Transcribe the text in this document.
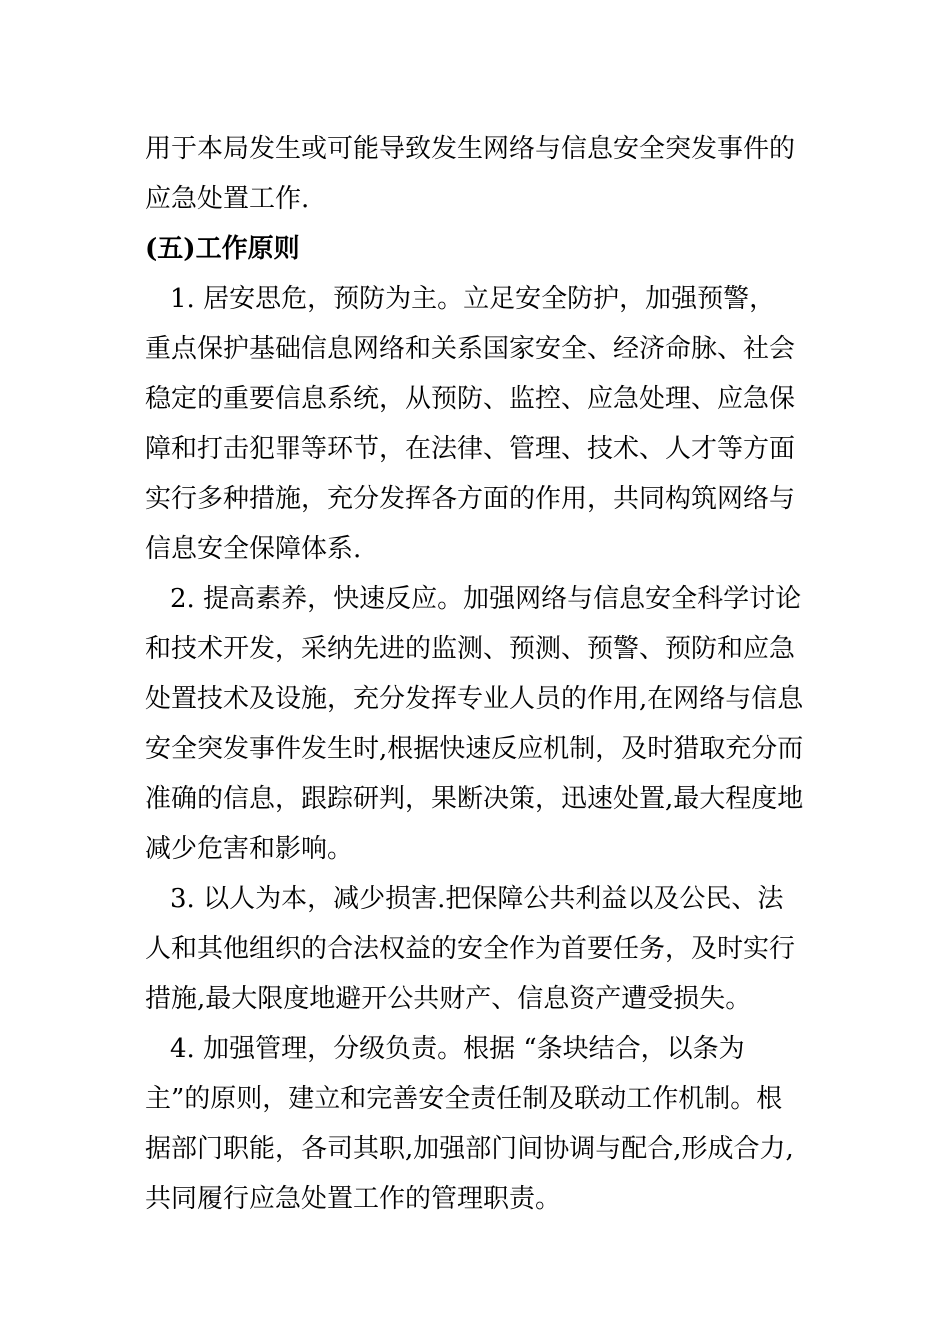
用于本局发生或可能导致发生网络与信息安全突发事件的
应急处置工作.
(五)工作原则
1. 居安思危，预防为主。立足安全防护，加强预警，
重点保护基础信息网络和关系国家安全、经济命脉、社会
稳定的重要信息系统，从预防、监控、应急处理、应急保
障和打击犯罪等环节，在法律、管理、技术、人才等方面
实行多种措施，充分发挥各方面的作用，共同构筑网络与
信息安全保障体系.
2. 提高素养，快速反应。加强网络与信息安全科学讨论
和技术开发，采纳先进的监测、预测、预警、预防和应急
处置技术及设施，充分发挥专业人员的作用,在网络与信息
安全突发事件发生时,根据快速反应机制，及时猎取充分而
准确的信息，跟踪研判，果断决策，迅速处置,最大程度地
减少危害和影响。
3. 以人为本，减少损害.把保障公共利益以及公民、法
人和其他组织的合法权益的安全作为首要任务，及时实行
措施,最大限度地避开公共财产、信息资产遭受损失。
4. 加强管理，分级负责。根据 “条块结合，以条为
主”的原则，建立和完善安全责任制及联动工作机制。根
据部门职能，各司其职,加强部门间协调与配合,形成合力,
共同履行应急处置工作的管理职责。
